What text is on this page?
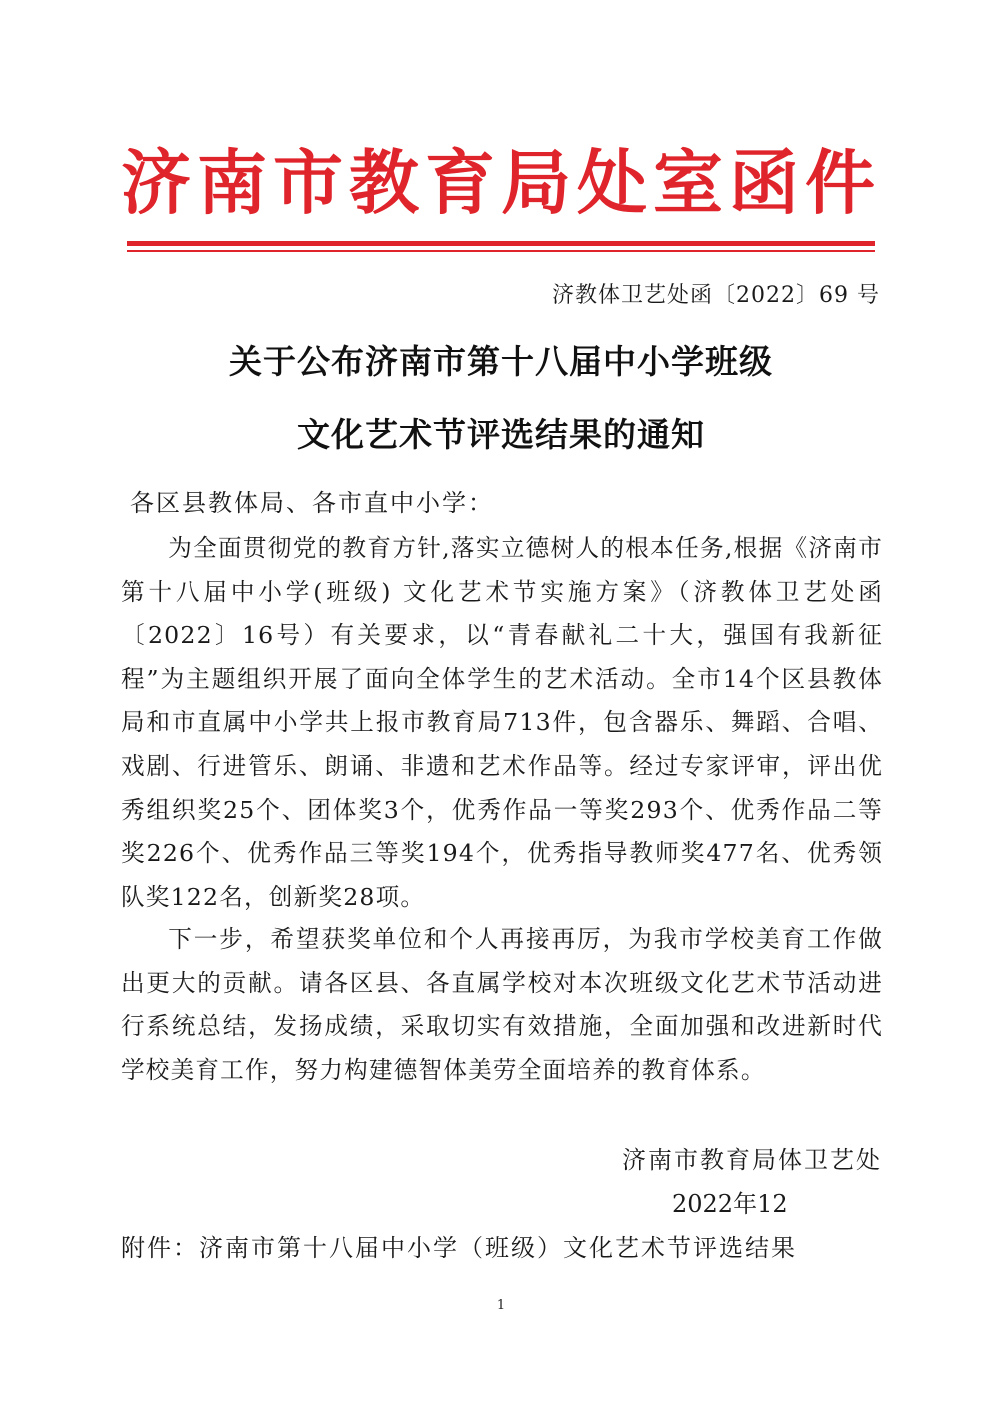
济南市教育局处室函件
济教体卫艺处函〔2022〕69 号
关于公布济南市第十八届中小学班级
文化艺术节评选结果的通知
各区县教体局、各市直中小学：
为全面贯彻党的教育方针,落实立德树人的根本任务,根据《济南市第十八届中小学(班级) 文化艺术节实施方案》（济教体卫艺处函〔2022〕16号）有关要求，以“青春献礼二十大，强国有我新征程”为主题组织开展了面向全体学生的艺术活动。全市14个区县教体局和市直属中小学共上报市教育局713件，包含器乐、舞蹈、合唱、戏剧、行进管乐、朗诵、非遗和艺术作品等。经过专家评审，评出优秀组织奖25个、团体奖3个，优秀作品一等奖293个、优秀作品二等奖226个、优秀作品三等奖194个，优秀指导教师奖477名、优秀领队奖122名，创新奖28项。
下一步，希望获奖单位和个人再接再厉，为我市学校美育工作做出更大的贡献。请各区县、各直属学校对本次班级文化艺术节活动进行系统总结，发扬成绩，采取切实有效措施，全面加强和改进新时代学校美育工作，努力构建德智体美劳全面培养的教育体系。
济南市教育局体卫艺处
2022年12
附件：济南市第十八届中小学（班级）文化艺术节评选结果
1
